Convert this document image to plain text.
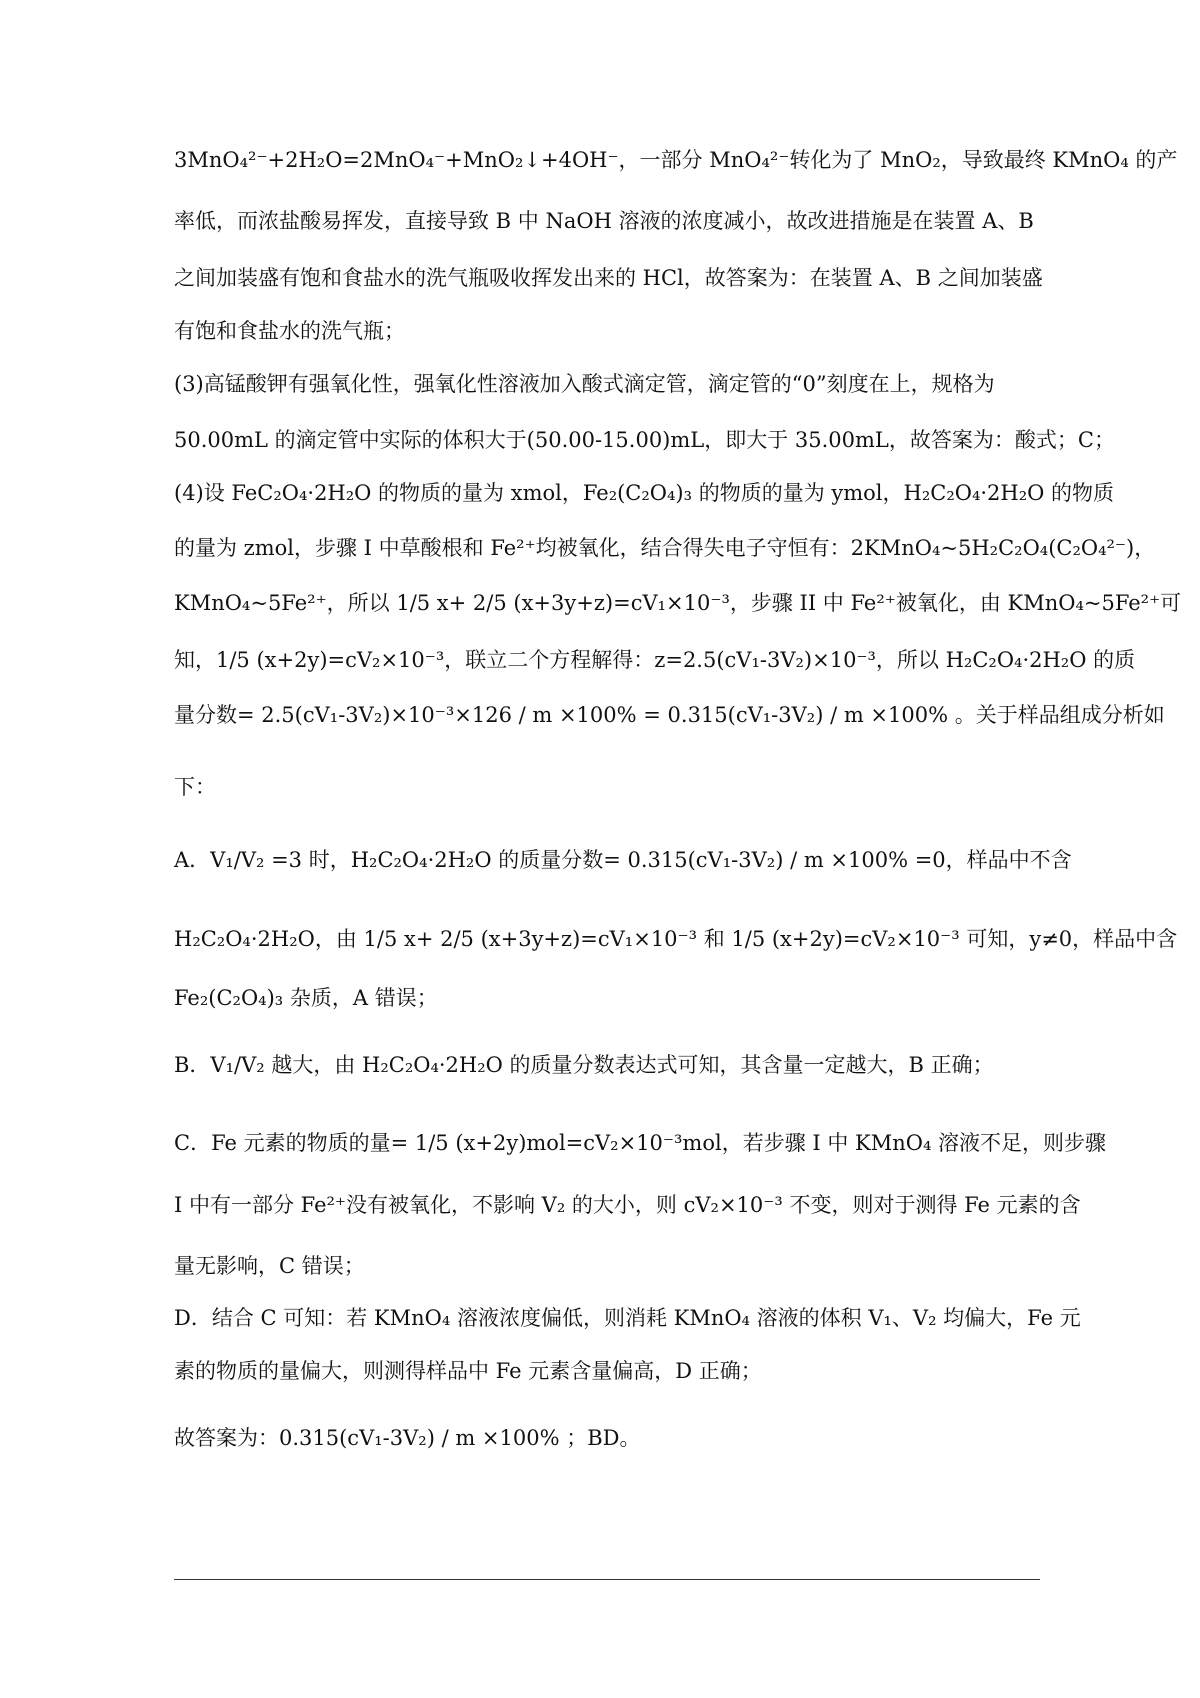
3MnO₄²⁻+2H₂O=2MnO₄⁻+MnO₂↓+4OH⁻，一部分 MnO₄²⁻转化为了 MnO₂，导致最终 KMnO₄ 的产
率低，而浓盐酸易挥发，直接导致 B 中 NaOH 溶液的浓度减小，故改进措施是在装置 A、B
之间加装盛有饱和食盐水的洗气瓶吸收挥发出来的 HCl，故答案为：在装置 A、B 之间加装盛
有饱和食盐水的洗气瓶；
(3)高锰酸钾有强氧化性，强氧化性溶液加入酸式滴定管，滴定管的“0”刻度在上，规格为
50.00mL 的滴定管中实际的体积大于(50.00-15.00)mL，即大于 35.00mL，故答案为：酸式；C；
(4)设 FeC₂O₄·2H₂O 的物质的量为 xmol，Fe₂(C₂O₄)₃ 的物质的量为 ymol，H₂C₂O₄·2H₂O 的物质
的量为 zmol，步骤 I 中草酸根和 Fe²⁺均被氧化，结合得失电子守恒有：2KMnO₄~5H₂C₂O₄(C₂O₄²⁻)，
KMnO₄~5Fe²⁺，所以 1/5 x+ 2/5 (x+3y+z)=cV₁×10⁻³，步骤 II 中 Fe²⁺被氧化，由 KMnO₄~5Fe²⁺可
知，1/5 (x+2y)=cV₂×10⁻³，联立二个方程解得：z=2.5(cV₁-3V₂)×10⁻³，所以 H₂C₂O₄·2H₂O 的质
量分数= 2.5(cV₁-3V₂)×10⁻³×126 / m ×100% = 0.315(cV₁-3V₂) / m ×100% 。关于样品组成分析如
下：
A．V₁/V₂ =3 时，H₂C₂O₄·2H₂O 的质量分数= 0.315(cV₁-3V₂) / m ×100% =0，样品中不含
H₂C₂O₄·2H₂O，由 1/5 x+ 2/5 (x+3y+z)=cV₁×10⁻³ 和 1/5 (x+2y)=cV₂×10⁻³ 可知，y≠0，样品中含
Fe₂(C₂O₄)₃ 杂质，A 错误；
B．V₁/V₂ 越大，由 H₂C₂O₄·2H₂O 的质量分数表达式可知，其含量一定越大，B 正确；
C．Fe 元素的物质的量= 1/5 (x+2y)mol=cV₂×10⁻³mol，若步骤 I 中 KMnO₄ 溶液不足，则步骤
I 中有一部分 Fe²⁺没有被氧化，不影响 V₂ 的大小，则 cV₂×10⁻³ 不变，则对于测得 Fe 元素的含
量无影响，C 错误；
D．结合 C 可知：若 KMnO₄ 溶液浓度偏低，则消耗 KMnO₄ 溶液的体积 V₁、V₂ 均偏大，Fe 元
素的物质的量偏大，则测得样品中 Fe 元素含量偏高，D 正确；
故答案为：0.315(cV₁-3V₂) / m ×100% ；BD。
